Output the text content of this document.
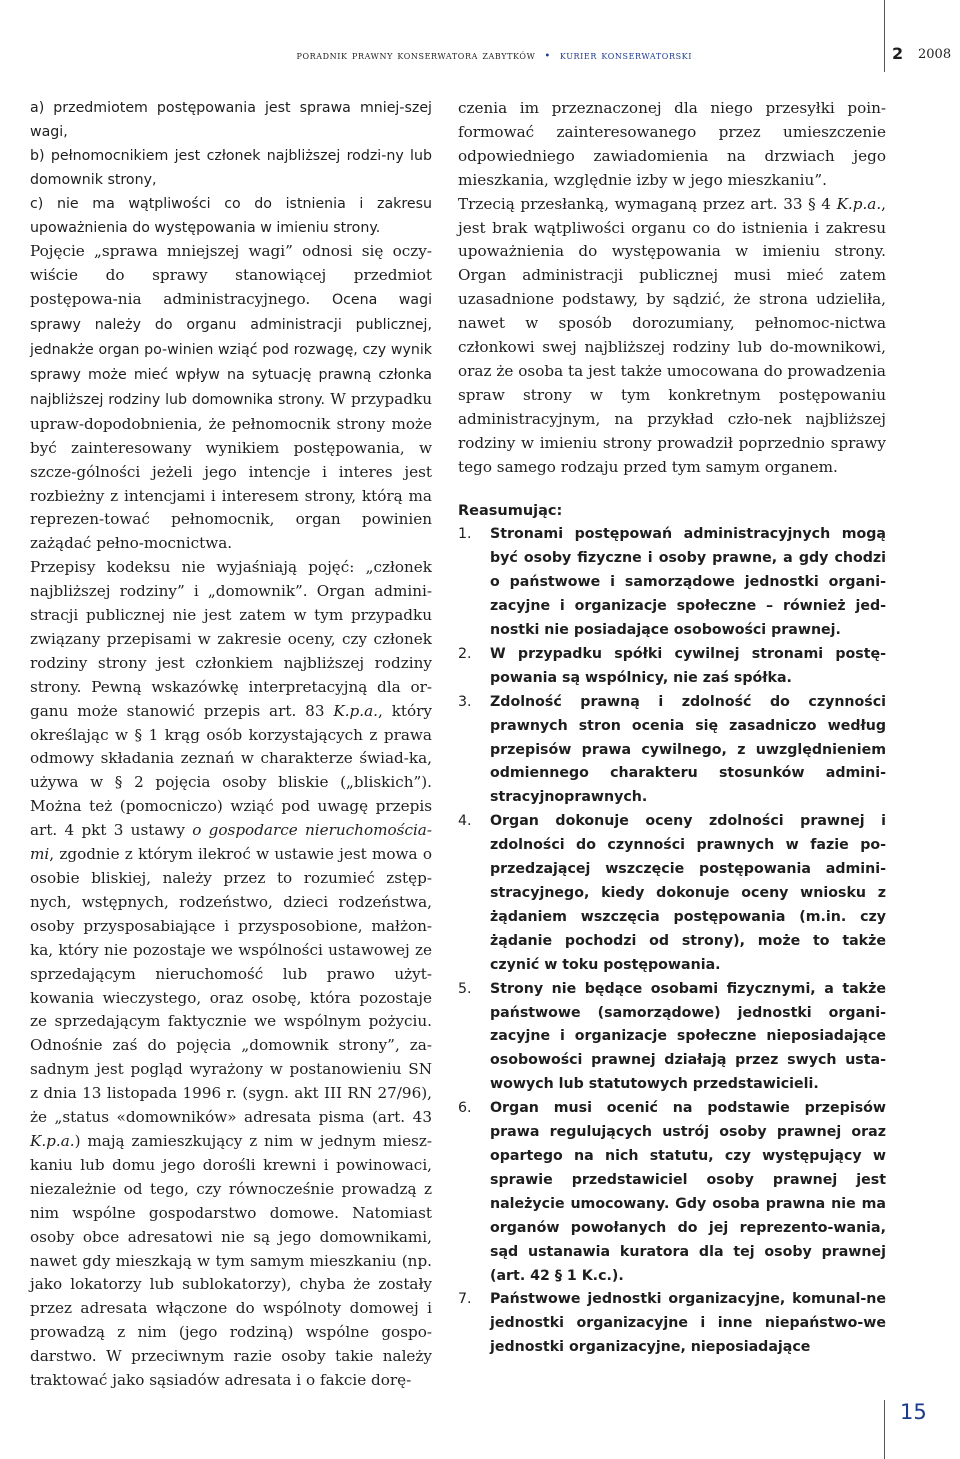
poradnik prawny konserwatora zabytków • kurier konserwatorski	2 2008

a) przedmiotem postępowania jest sprawa mniej-szej wagi,

b) pełnomocnikiem jest członek najbliższej rodzi-ny lub domownik strony,

c) nie ma wątpliwości co do istnienia i zakresu upoważnienia do występowania w imieniu strony.

Pojęcie „sprawa mniejszej wagi” odnosi się oczy-wiście do sprawy stanowiącej przedmiot postępowa-nia administracyjnego. Ocena wagi sprawy należy do organu administracji publicznej, jednakże organ po-winien wziąć pod rozwagę, czy wynik sprawy może mieć wpływ na sytuację prawną członka najbliższej rodziny lub domownika strony. W przypadku upraw-dopodobnienia, że pełnomocnik strony może być zainteresowany wynikiem postępowania, w szcze-gólności jeżeli jego intencje i interes jest rozbieżny z intencjami i interesem strony, którą ma reprezen-tować pełnomocnik, organ powinien zażądać pełno-mocnictwa.

Przepisy kodeksu nie wyjaśniają pojęć: „członek najbliższej rodziny” i „domownik”. Organ admini-stracji publicznej nie jest zatem w tym przypadku związany przepisami w zakresie oceny, czy członek rodziny strony jest członkiem najbliższej rodziny strony. Pewną wskazówkę interpretacyjną dla or-ganu może stanowić przepis art. 83 K.p.a., który określając w § 1 krąg osób korzystających z prawa odmowy składania zeznań w charakterze świad-ka, używa w § 2 pojęcia osoby bliskie („bliskich”). Można też (pomocniczo) wziąć pod uwagę przepis art. 4 pkt 3 ustawy o gospodarce nieruchomościa-mi, zgodnie z którym ilekroć w ustawie jest mowa o osobie bliskiej, należy przez to rozumieć zstęp-nych, wstępnych, rodzeństwo, dzieci rodzeństwa, osoby przysposabiające i przysposobione, małżon-ka, który nie pozostaje we wspólności ustawowej ze sprzedającym nieruchomość lub prawo użyt-kowania wieczystego, oraz osobę, która pozostaje ze sprzedającym faktycznie we wspólnym pożyciu. Odnośnie zaś do pojęcia „domownik strony”, za-sadnym jest pogląd wyrażony w postanowieniu SN z dnia 13 listopada 1996 r. (sygn. akt III RN 27/96), że „status «domowników» adresata pisma (art. 43 K.p.a.) mają zamieszkujący z nim w jednym miesz-kaniu lub domu jego dorośli krewni i powinowaci, niezależnie od tego, czy równocześnie prowadzą z nim wspólne gospodarstwo domowe. Natomiast osoby obce adresatowi nie są jego domownikami, nawet gdy mieszkają w tym samym mieszkaniu (np. jako lokatorzy lub sublokatorzy), chyba że zostały przez adresata włączone do wspólnoty domowej i prowadzą z nim (jego rodziną) wspólne gospo-darstwo. W przeciwnym razie osoby takie należy traktować jako sąsiadów adresata i o fakcie dorę-

czenia im przeznaczonej dla niego przesyłki poin-formować zainteresowanego przez umieszczenie odpowiedniego zawiadomienia na drzwiach jego mieszkania, względnie izby w jego mieszkaniu”.

Trzecią przesłanką, wymaganą przez art. 33 § 4 K.p.a., jest brak wątpliwości organu co do istnienia i zakresu upoważnienia do występowania w imieniu strony. Organ administracji publicznej musi mieć zatem uzasadnione podstawy, by sądzić, że strona udzieliła, nawet w sposób dorozumiany, pełnomoc-nictwa członkowi swej najbliższej rodziny lub do-mownikowi, oraz że osoba ta jest także umocowana do prowadzenia spraw strony w tym konkretnym postępowaniu administracyjnym, na przykład czło-nek najbliższej rodziny w imieniu strony prowadził poprzednio sprawy tego samego rodzaju przed tym samym organem.

Reasumując:

1. Stronami postępowań administracyjnych mogą być osoby fizyczne i osoby prawne, a gdy chodzi o państwowe i samorządowe jednostki organi-zacyjne i organizacje społeczne – również jed-nostki nie posiadające osobowości prawnej.
2. W przypadku spółki cywilnej stronami postę-powania są wspólnicy, nie zaś spółka.
3. Zdolność prawną i zdolność do czynności prawnych stron ocenia się zasadniczo według przepisów prawa cywilnego, z uwzględnieniem odmiennego charakteru stosunków admini-stracyjnoprawnych.
4. Organ dokonuje oceny zdolności prawnej i zdolności do czynności prawnych w fazie po-przedzającej wszczęcie postępowania admini-stracyjnego, kiedy dokonuje oceny wniosku z żądaniem wszczęcia postępowania (m.in. czy żądanie pochodzi od strony), może to także czynić w toku postępowania.
5. Strony nie będące osobami fizycznymi, a także państwowe (samorządowe) jednostki organi-zacyjne i organizacje społeczne nieposiadające osobowości prawnej działają przez swych usta-wowych lub statutowych przedstawicieli.
6. Organ musi ocenić na podstawie przepisów prawa regulujących ustrój osoby prawnej oraz opartego na nich statutu, czy występujący w sprawie przedstawiciel osoby prawnej jest należycie umocowany. Gdy osoba prawna nie ma organów powołanych do jej reprezento-wania, sąd ustanawia kuratora dla tej osoby prawnej (art. 42 § 1 K.c.).
7. Państwowe jednostki organizacyjne, komunal-ne jednostki organizacyjne i inne niepaństwo-we jednostki organizacyjne, nieposiadające
15
